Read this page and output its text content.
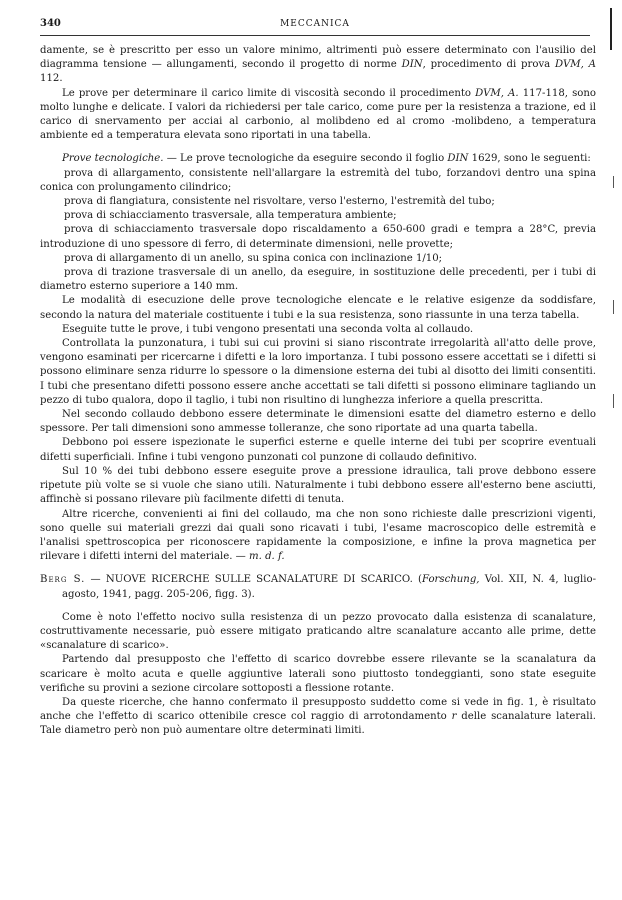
340	MECCANICA

damente, se è prescritto per esso un valore minimo, altrimenti può essere determinato con l'ausilio del diagramma tensione — allungamenti, secondo il progetto di norme DIN, procedimento di prova DVM, A 112.

Le prove per determinare il carico limite di viscosità secondo il procedimento DVM, A. 117-118, sono molto lunghe e delicate. I valori da richiedersi per tale carico, come pure per la resistenza a trazione, ed il carico di snervamento per acciai al carbonio, al molibdeno ed al cromo -molibdeno, a temperatura ambiente ed a temperatura elevata sono riportati in una tabella.

Prove tecnologiche. — Le prove tecnologiche da eseguire secondo il foglio DIN 1629, sono le seguenti:

prova di allargamento, consistente nell'allargare la estremità del tubo, forzandovi dentro una spina conica con prolungamento cilindrico;

prova di flangiatura, consistente nel risvoltare, verso l'esterno, l'estremità del tubo;

prova di schiacciamento trasversale, alla temperatura ambiente;

prova di schiacciamento trasversale dopo riscaldamento a 650-600 gradi e tempra a 28°C, previa introduzione di uno spessore di ferro, di determinate dimensioni, nelle provette;

prova di allargamento di un anello, su spina conica con inclinazione 1/10;

prova di trazione trasversale di un anello, da eseguire, in sostituzione delle precedenti, per i tubi di diametro esterno superiore a 140 mm.

Le modalità di esecuzione delle prove tecnologiche elencate e le relative esigenze da soddisfare, secondo la natura del materiale costituente i tubi e la sua resistenza, sono riassunte in una terza tabella.

Eseguite tutte le prove, i tubi vengono presentati una seconda volta al collaudo.

Controllata la punzonatura, i tubi sui cui provini si siano riscontrate irregolarità all'atto delle prove, vengono esaminati per ricercarne i difetti e la loro importanza. I tubi possono essere accettati se i difetti si possono eliminare senza ridurre lo spessore o la dimensione esterna dei tubi al disotto dei limiti consentiti. I tubi che presentano difetti possono essere anche accettati se tali difetti si possono eliminare tagliando un pezzo di tubo qualora, dopo il taglio, i tubi non risultino di lunghezza inferiore a quella prescritta.

Nel secondo collaudo debbono essere determinate le dimensioni esatte del diametro esterno e dello spessore. Per tali dimensioni sono ammesse tolleranze, che sono riportate ad una quarta tabella.

Debbono poi essere ispezionate le superfici esterne e quelle interne dei tubi per scoprire eventuali difetti superficiali. Infine i tubi vengono punzonati col punzone di collaudo definitivo.

Sul 10 % dei tubi debbono essere eseguite prove a pressione idraulica, tali prove debbono essere ripetute più volte se si vuole che siano utili. Naturalmente i tubi debbono essere all'esterno bene asciutti, affinchè si possano rilevare più facilmente difetti di tenuta.

Altre ricerche, convenienti ai fini del collaudo, ma che non sono richieste dalle prescrizioni vigenti, sono quelle sui materiali grezzi dai quali sono ricavati i tubi, l'esame macroscopico delle estremità e l'analisi spettroscopica per riconoscere rapidamente la composizione, e infine la prova magnetica per rilevare i difetti interni del materiale. — m. d. f.

Berg S. — NUOVE RICERCHE SULLE SCANALATURE DI SCARICO. (Forschung, Vol. XII, N. 4, luglio-agosto, 1941, pagg. 205-206, figg. 3).

Come è noto l'effetto nocivo sulla resistenza di un pezzo provocato dalla esistenza di scanalature, costruttivamente necessarie, può essere mitigato praticando altre scanalature accanto alle prime, dette «scanalature di scarico».

Partendo dal presupposto che l'effetto di scarico dovrebbe essere rilevante se la scanalatura da scaricare è molto acuta e quelle aggiuntive laterali sono piuttosto tondeggianti, sono state eseguite verifiche su provini a sezione circolare sottoposti a flessione rotante.

Da queste ricerche, che hanno confermato il presupposto suddetto come si vede in fig. 1, è risultato anche che l'effetto di scarico ottenibile cresce col raggio di arrotondamento r delle scanalature laterali. Tale diametro però non può aumentare oltre determinati limiti.
